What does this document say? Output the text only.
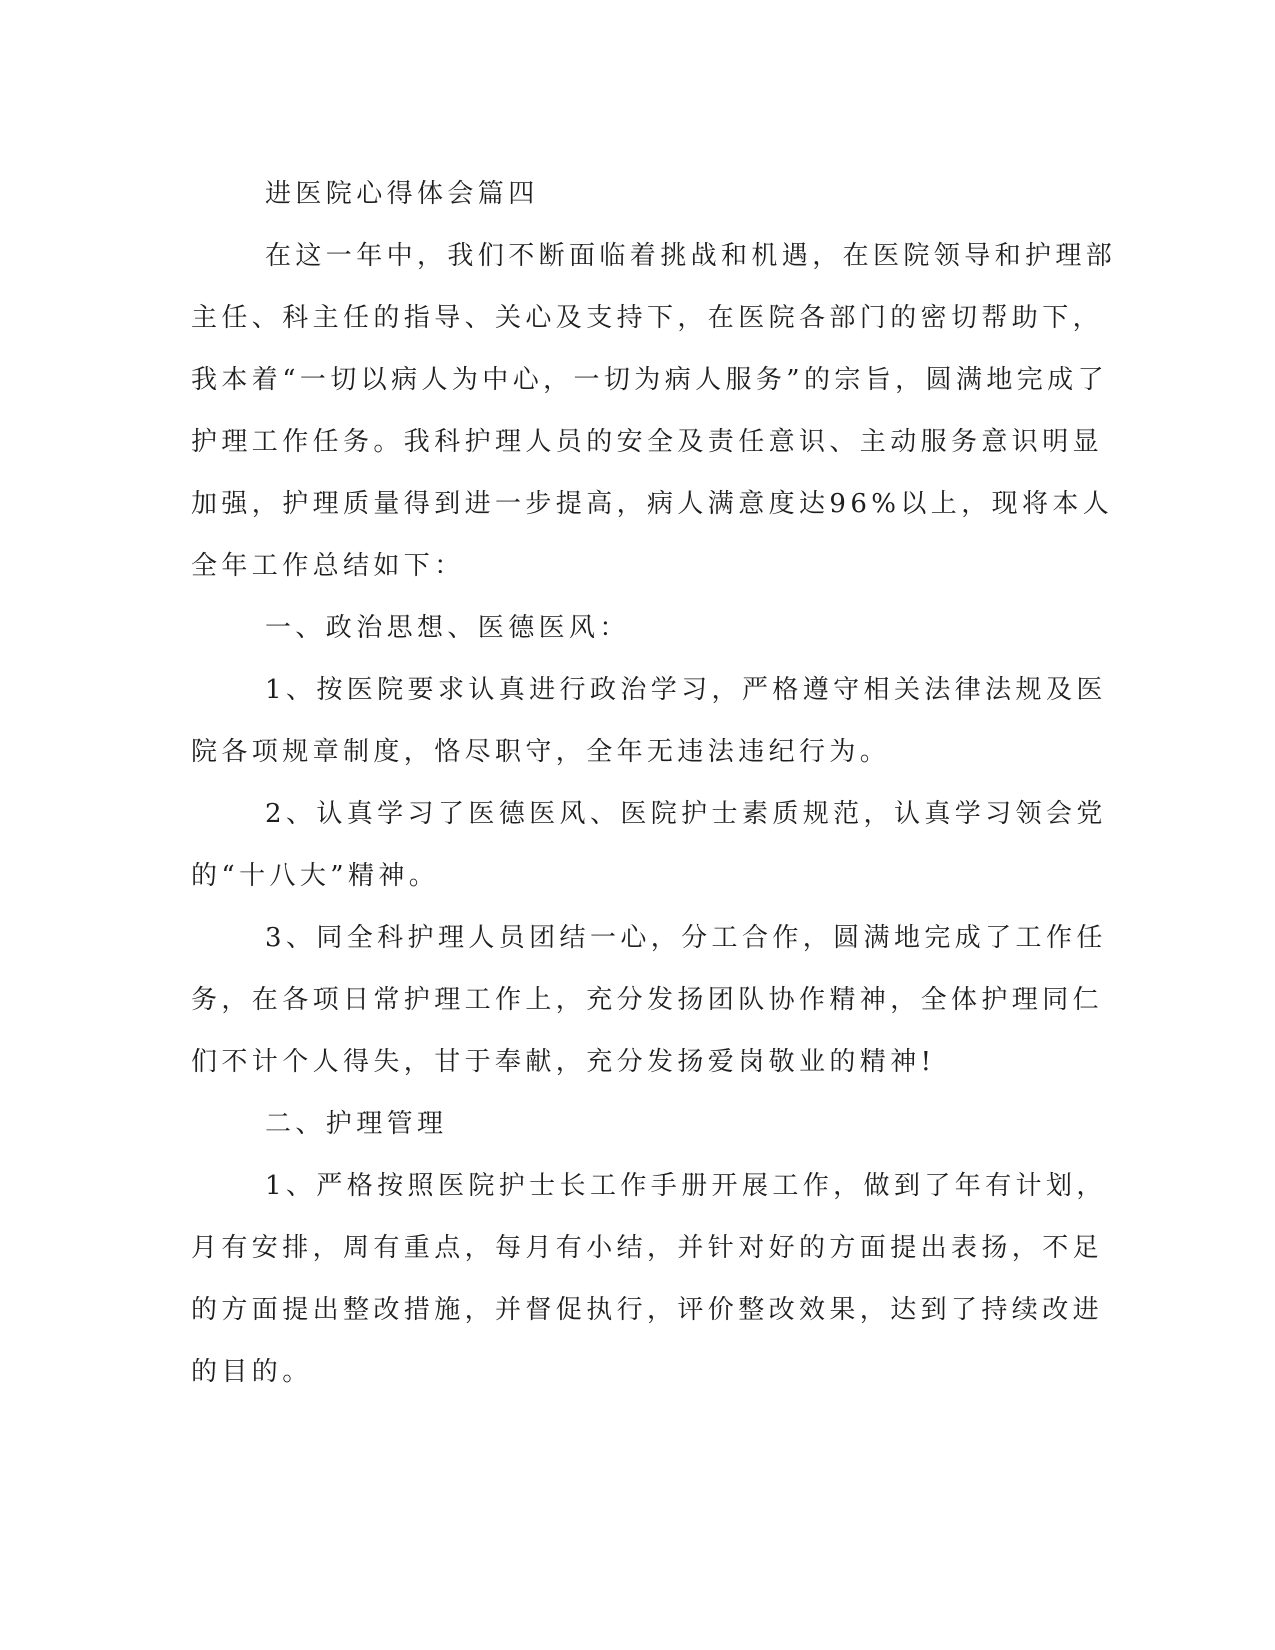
进医院心得体会篇四

在这一年中，我们不断面临着挑战和机遇，在医院领导和护理部

主任、科主任的指导、关心及支持下，在医院各部门的密切帮助下，

我本着“一切以病人为中心，一切为病人服务”的宗旨，圆满地完成了

护理工作任务。我科护理人员的安全及责任意识、主动服务意识明显

加强，护理质量得到进一步提高，病人满意度达96%以上，现将本人

全年工作总结如下：

一、政治思想、医德医风：

1、按医院要求认真进行政治学习，严格遵守相关法律法规及医

院各项规章制度，恪尽职守，全年无违法违纪行为。

2、认真学习了医德医风、医院护士素质规范，认真学习领会党

的“十八大”精神。

3、同全科护理人员团结一心，分工合作，圆满地完成了工作任

务，在各项日常护理工作上，充分发扬团队协作精神，全体护理同仁

们不计个人得失，甘于奉献，充分发扬爱岗敬业的精神!

二、护理管理

1、严格按照医院护士长工作手册开展工作，做到了年有计划，

月有安排，周有重点，每月有小结，并针对好的方面提出表扬，不足

的方面提出整改措施，并督促执行，评价整改效果，达到了持续改进

的目的。
